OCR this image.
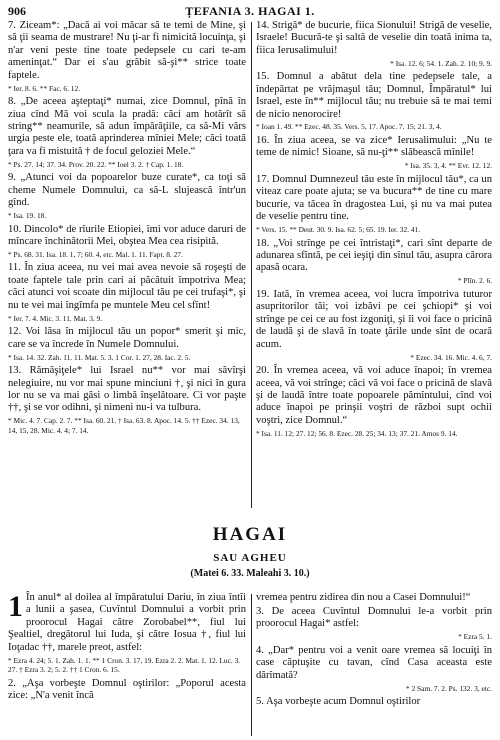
906	ȚEFANIA 3. HAGAI 1.
7. Ziceam*: „Dacă ai voi măcar să te temi de Mine, şi să ţii seama de mustrare! Nu ţi-ar fi nimicită locuinţa, şi n'ar veni peste tine toate pedepsele cu cari te-am ameninţat.“ Dar ei s'au grăbit să-şi** strice toate faptele.
* Ier. 8. 6. ** Fac. 6. 12.
8. „De aceea aşteptaţi* numai, zice Domnul, pînă în ziua cînd Mă voi scula la pradă: căci am hotărît să string** neamurile, să adun împărăţiile, ca să-Mi vărs urgia peste ele, toată aprinderea mîniei Mele; căci toată ţara va fi mistuită † de focul geloziei Mele.“
* Ps. 27. 14; 37. 34. Prov. 20. 22. ** Ioel 3. 2. † Cap. 1. 18.
9. „Atunci voi da popoarelor buze curate*, ca toţi să cheme Numele Domnului, ca să-L slujească într'un gînd.
* Isa. 19. 18.
10. Dincolo* de rîurile Etiopiei, îmi vor aduce daruri de mîncare închinătorii Mei, obştea Mea cea risipită.
* Ps. 68. 31. Isa. 18. 1, 7; 60. 4, etc. Mal. 1. 11. Fapt. 8. 27.
11. În ziua aceea, nu vei mai avea nevoie să roşeşti de toate faptele tale prin cari ai păcătuit împotriva Mea; căci atunci voi scoate din mijlocul tău pe cei trufaşi*, şi nu te vei mai îngîmfa pe muntele Meu cel sfînt!
* Ier. 7. 4. Mic. 3. 11. Mat. 3. 9.
12. Voi lăsa în mijlocul tău un popor* smerit şi mic, care se va încrede în Numele Domnului.
* Isa. 14. 32. Zah. 11. 11. Mat. 5. 3. 1 Cor. 1. 27, 28. Iac. 2. 5.
13. Rămăşiţele* lui Israel nu** vor mai săvîrşi nelegiuire, nu vor mai spune minciuni †, şi nici în gura lor nu se va mai găsi o limbă înşelătoare. Ci vor paşte ††, şi se vor odihni, şi nimeni nu-i va tulbura.
* Mic. 4. 7. Cap. 2. 7. ** Isa. 60. 21. † Isa. 63. 8. Apoc. 14. 5. †† Ezec. 34. 13, 14, 15, 28. Mic. 4. 4; 7. 14.
14. Strigă* de bucurie, fiica Sionului! Strigă de veselie, Israele! Bucură-te şi saltă de veselie din toată inima ta, fiica Ierusalimului!
* Isa. 12. 6; 54. 1. Zah. 2. 10; 9. 9.
15. Domnul a abătut dela tine pedepsele tale, a îndepărtat pe vrăjmaşul tău; Domnul, Împăratul* lui Israel, este în** mijlocul tău; nu trebuie să te mai temi de nicio nenorocire!
* Ioan 1. 49. ** Ezec. 48. 35. Vers. 5, 17. Apoc. 7. 15; 21. 3, 4.
16. În ziua aceea, se va zice* Ierusalimului: „Nu te teme de nimic! Sioane, să nu-ţi** slăbească mînile!
* Isa. 35. 3, 4. ** Evr. 12. 12.
17. Domnul Dumnezeul tău este în mijlocul tău*, ca un viteaz care poate ajuta; se va bucura** de tine cu mare bucurie, va tăcea în dragostea Lui, şi nu va mai putea de veselie pentru tine.
* Vers. 15. ** Deut. 30. 9. Isa. 62. 5; 65. 19. Ier. 32. 41.
18. „Voi strînge pe cei întristaţi*, cari sînt departe de adunarea sfîntă, pe cei ieşiţi din sînul tău, asupra cărora apasă ocara.
* Plîn. 2. 6.
19. Iată, în vremea aceea, voi lucra împotriva tuturor asupritorilor tăi; voi izbăvi pe cei şchiopi* şi voi strînge pe cei ce au fost izgoniţi, şi îi voi face o pricină de laudă şi de slavă în toate ţările unde sînt de ocară acum.
* Ezec. 34. 16. Mic. 4. 6, 7.
20. În vremea aceea, vă voi aduce înapoi; în vremea aceea, vă voi strînge; căci vă voi face o pricină de slavă şi de laudă între toate popoarele pămîntului, cînd voi aduce înapoi pe prinşii voştri de război supt ochii voştri, zice Domnul.“
* Isa. 11. 12; 27. 12; 56. 8. Ezec. 28. 25; 34. 13; 37. 21. Amos 9. 14.
HAGAI
SAU AGHEU
(Matei 6. 33. Maleahi 3. 10.)
1 În anul* al doilea al împăratului Dariu, în ziua întîi a lunii a şasea, Cuvîntul Domnului a vorbit prin proorocul Hagai către Zorobabel**, fiul lui Şealtiel, dregătorul lui Iuda, şi către Iosua †, fiul lui Ioţadac ††, marele preot, astfel:
* Ezra 4. 24; 5. 1. Zah. 1. 1. ** 1 Cron. 3. 17, 19. Ezra 2. 2. Mat. 1. 12. Luc. 3. 27. † Ezra 3. 2; 5. 2. †† 1 Cron. 6. 15.
2. „Aşa vorbeşte Domnul oştirilor: „Poporul acesta zice: „N'a venit încă
vremea pentru zidirea din nou a Casei Domnului!“
3. De aceea Cuvîntul Domnului le-a vorbit prin proorocul Hagai* astfel:
* Ezra 5. 1.
4. „Dar* pentru voi a venit oare vremea să locuiţi în case căptuşite cu tavan, cînd Casa aceasta este dărîmată?
* 2 Sam. 7. 2. Ps. 132. 3, etc.
5. Aşa vorbeşte acum Domnul oştirilor
